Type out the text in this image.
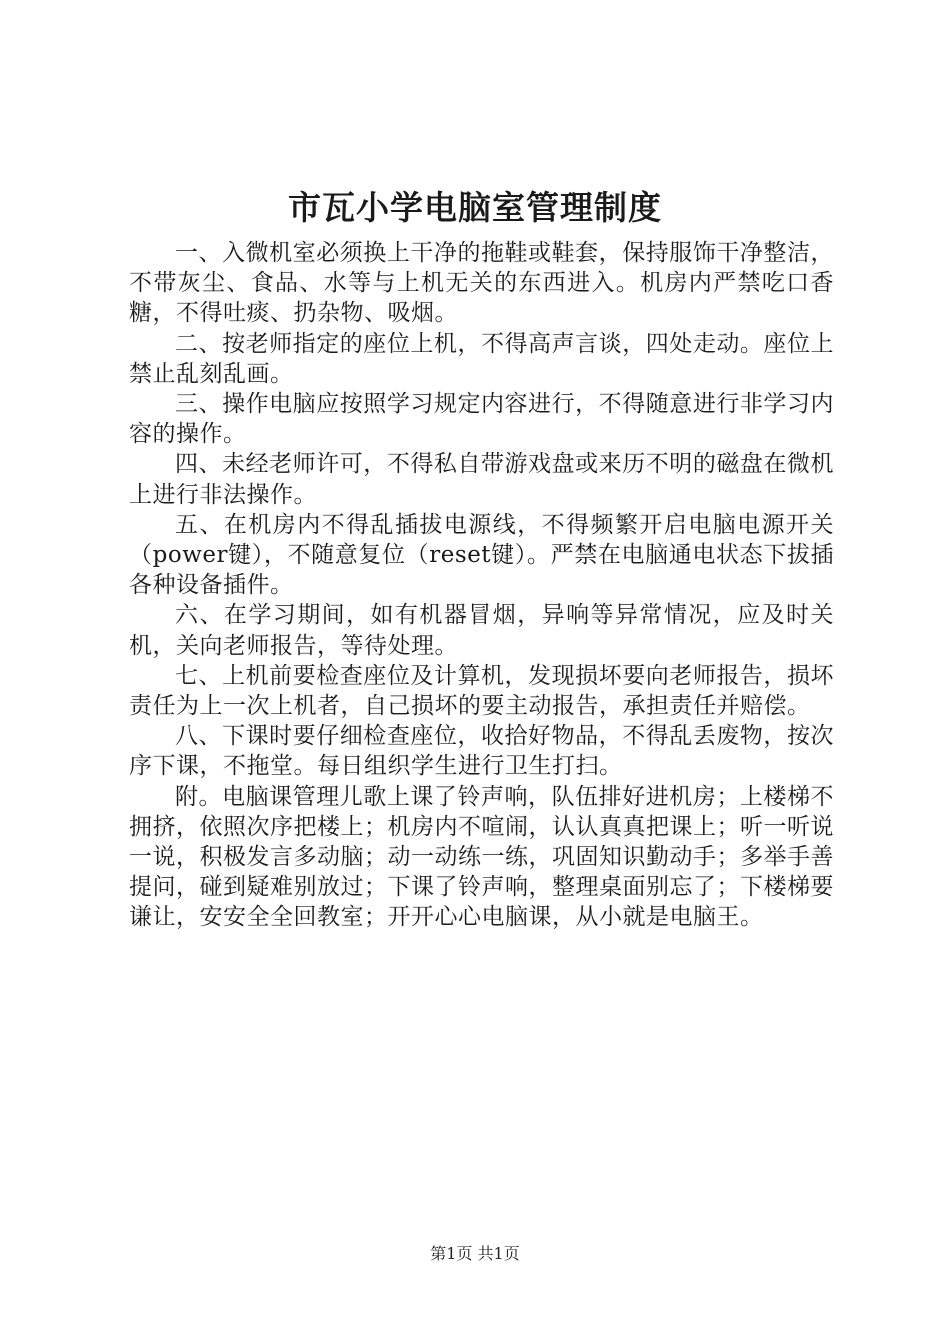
市瓦小学电脑室管理制度

一、入微机室必须换上干净的拖鞋或鞋套，保持服饰干净整洁，不带灰尘、食品、水等与上机无关的东西进入。机房内严禁吃口香糖，不得吐痰、扔杂物、吸烟。

二、按老师指定的座位上机，不得高声言谈，四处走动。座位上禁止乱刻乱画。

三、操作电脑应按照学习规定内容进行，不得随意进行非学习内容的操作。

四、未经老师许可，不得私自带游戏盘或来历不明的磁盘在微机上进行非法操作。

五、在机房内不得乱插拔电源线，不得频繁开启电脑电源开关（power键），不随意复位（reset键）。严禁在电脑通电状态下拔插各种设备插件。

六、在学习期间，如有机器冒烟，异响等异常情况，应及时关机，关向老师报告，等待处理。

七、上机前要检查座位及计算机，发现损坏要向老师报告，损坏责任为上一次上机者，自己损坏的要主动报告，承担责任并赔偿。

八、下课时要仔细检查座位，收拾好物品，不得乱丢废物，按次序下课，不拖堂。每日组织学生进行卫生打扫。

附。电脑课管理儿歌上课了铃声响，队伍排好进机房；上楼梯不拥挤，依照次序把楼上；机房内不喧闹，认认真真把课上；听一听说一说，积极发言多动脑；动一动练一练，巩固知识勤动手；多举手善提问，碰到疑难别放过；下课了铃声响，整理桌面别忘了；下楼梯要谦让，安安全全回教室；开开心心电脑课，从小就是电脑王。

第1页 共1页
